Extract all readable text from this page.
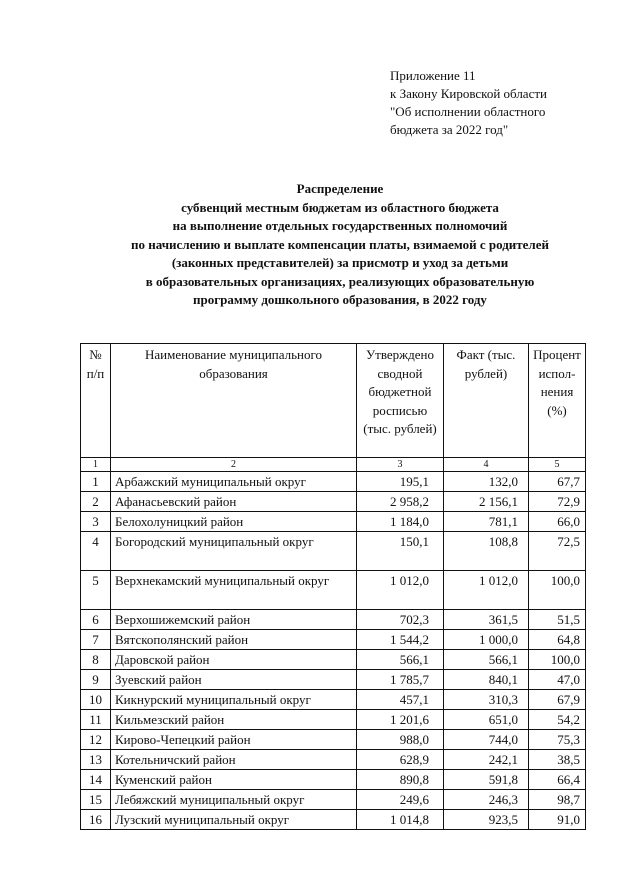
Приложение 11
к Закону Кировской области
"Об исполнении областного
бюджета за 2022 год"
Распределение
субвенций местным бюджетам из областного бюджета
на выполнение отдельных государственных полномочий
по начислению и выплате компенсации платы, взимаемой с родителей
(законных представителей) за присмотр и уход за детьми
в образовательных организациях, реализующих образовательную
программу дошкольного образования, в 2022 году
№ п/п	Наименование муниципального образования	Утверждено сводной бюджетной росписью (тыс. рублей)	Факт (тыс. рублей)	Процент испол-нения (%)
1	2	3	4	5
1	Арбажский муниципальный округ	195,1	132,0	67,7
2	Афанасьевский район	2 958,2	2 156,1	72,9
3	Белохолуницкий район	1 184,0	781,1	66,0
4	Богородский муниципальный округ	150,1	108,8	72,5
5	Верхнекамский муниципальный округ	1 012,0	1 012,0	100,0
6	Верхошижемский район	702,3	361,5	51,5
7	Вятскополянский район	1 544,2	1 000,0	64,8
8	Даровской район	566,1	566,1	100,0
9	Зуевский район	1 785,7	840,1	47,0
10	Кикнурский муниципальный округ	457,1	310,3	67,9
11	Кильмезский район	1 201,6	651,0	54,2
12	Кирово-Чепецкий район	988,0	744,0	75,3
13	Котельничский район	628,9	242,1	38,5
14	Куменский район	890,8	591,8	66,4
15	Лебяжский муниципальный округ	249,6	246,3	98,7
16	Лузский муниципальный округ	1 014,8	923,5	91,0
